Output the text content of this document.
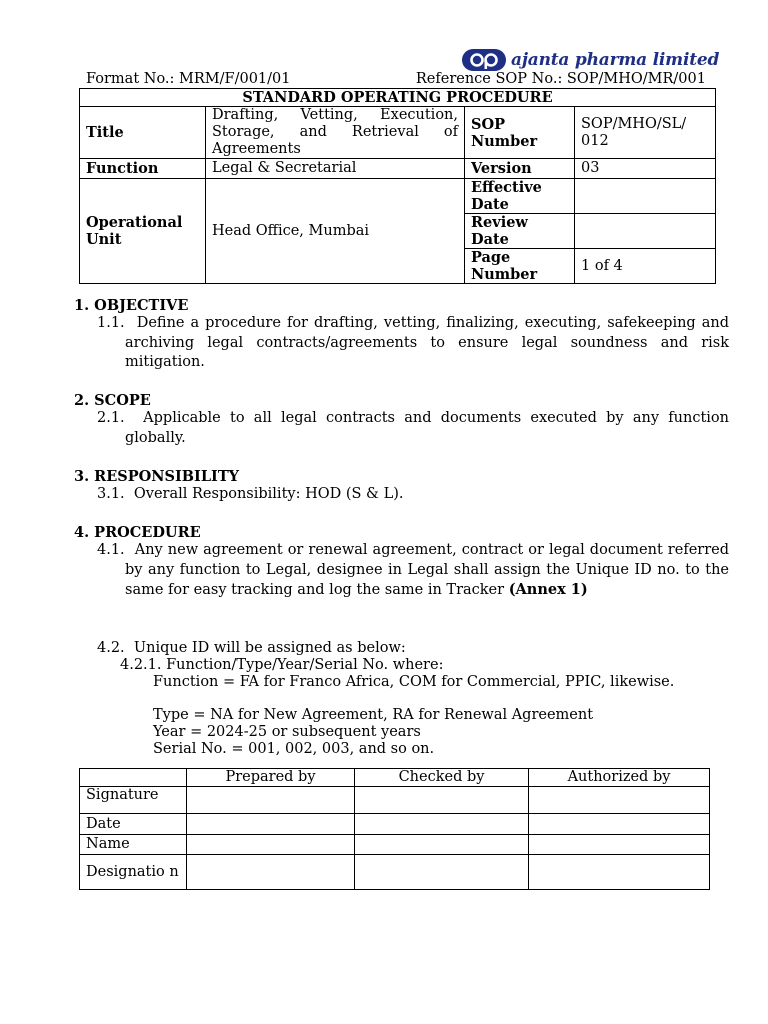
ajanta pharma limited
Format No.: MRM/F/001/01	Reference SOP No.: SOP/MHO/MR/001
STANDARD OPERATING PROCEDURE			
Title	Drafting, Vetting, Execution, Storage, and Retrieval of Agreements	SOP Number	SOP/MHO/SL/ 012
Function	Legal & Secretarial	Version	03
Operational Unit	Head Office, Mumbai	Effective Date	
		Review Date	
		Page Number	1 of 4
1. OBJECTIVE
1.1. Define a procedure for drafting, vetting, finalizing, executing, safekeeping and archiving legal contracts/agreements to ensure legal soundness and risk mitigation.
2. SCOPE
2.1. Applicable to all legal contracts and documents executed by any function globally.
3. RESPONSIBILITY
3.1. Overall Responsibility: HOD (S & L).
4. PROCEDURE
4.1. Any new agreement or renewal agreement, contract or legal document referred by any function to Legal, designee in Legal shall assign the Unique ID no. to the same for easy tracking and log the same in Tracker (Annex 1)
4.2. Unique ID will be assigned as below:
4.2.1. Function/Type/Year/Serial No. where:
Function = FA for Franco Africa, COM for Commercial, PPIC, likewise.
Type = NA for New Agreement, RA for Renewal Agreement
Year = 2024-25 or subsequent years
Serial No. = 001, 002, 003, and so on.
	Prepared by	Checked by	Authorized by
Signature			
Date			
Name			
Designatio n			
